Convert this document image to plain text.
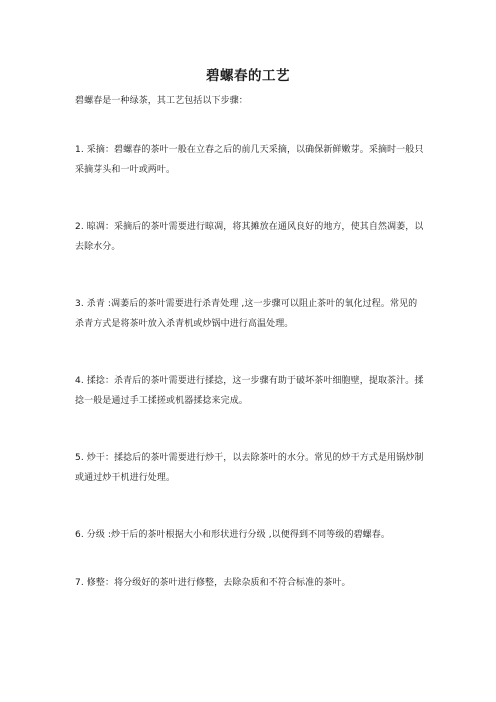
碧螺春的工艺
碧螺春是一种绿茶，其工艺包括以下步骤：
1. 采摘：碧螺春的茶叶一般在立春之后的前几天采摘，以确保新鲜嫩芽。采摘时一般只采摘芽头和一叶或两叶。
2. 晾凋：采摘后的茶叶需要进行晾凋，将其摊放在通风良好的地方，使其自然凋萎，以去除水分。
3. 杀青 :凋萎后的茶叶需要进行杀青处理 ,这一步骤可以阻止茶叶的氧化过程。常见的杀青方式是将茶叶放入杀青机或炒锅中进行高温处理。
4. 揉捻：杀青后的茶叶需要进行揉捻，这一步骤有助于破坏茶叶细胞壁，提取茶汁。揉捻一般是通过手工揉搓或机器揉捻来完成。
5. 炒干：揉捻后的茶叶需要进行炒干，以去除茶叶的水分。常见的炒干方式是用锅炒制或通过炒干机进行处理。
6. 分级 :炒干后的茶叶根据大小和形状进行分级 ,以便得到不同等级的碧螺春。
7. 修整：将分级好的茶叶进行修整，去除杂质和不符合标准的茶叶。
